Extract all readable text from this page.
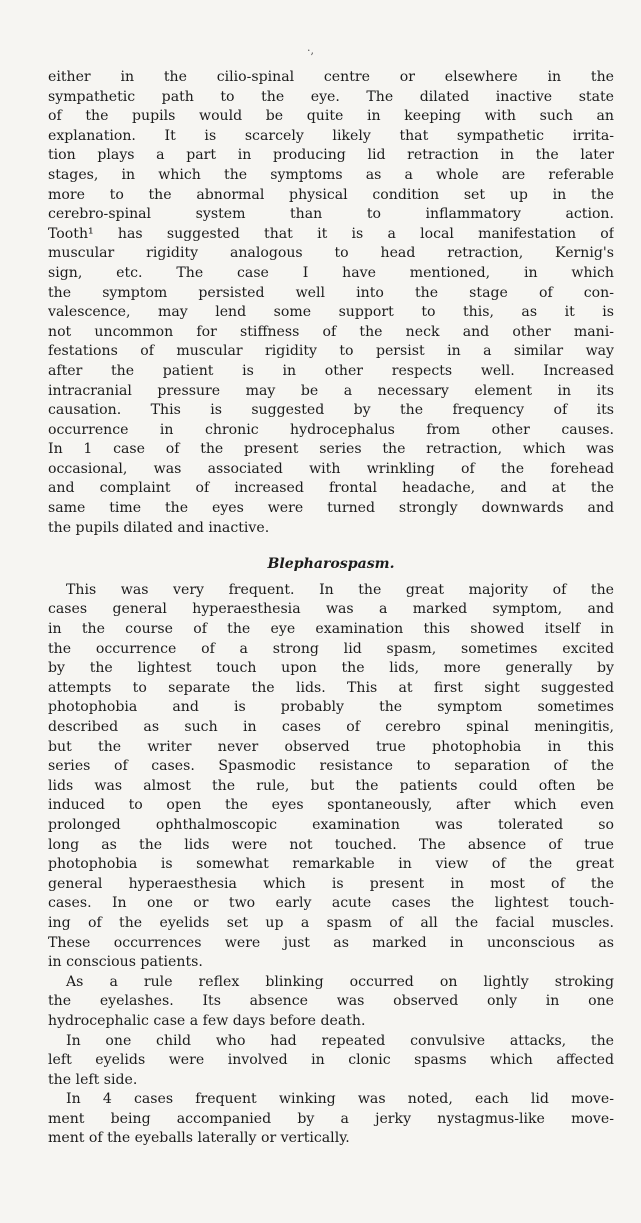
·,
either in the cilio-spinal centre or elsewhere in the
sympathetic path to the eye. The dilated inactive state
of the pupils would be quite in keeping with such an
explanation. It is scarcely likely that sympathetic irrita-
tion plays a part in producing lid retraction in the later
stages, in which the symptoms as a whole are referable
more to the abnormal physical condition set up in the
cerebro-spinal system than to inflammatory action.
Tooth¹ has suggested that it is a local manifestation of
muscular rigidity analogous to head retraction, Kernig's
sign, etc. The case I have mentioned, in which
the symptom persisted well into the stage of con-
valescence, may lend some support to this, as it is
not uncommon for stiffness of the neck and other mani-
festations of muscular rigidity to persist in a similar way
after the patient is in other respects well. Increased
intracranial pressure may be a necessary element in its
causation. This is suggested by the frequency of its
occurrence in chronic hydrocephalus from other causes.
In 1 case of the present series the retraction, which was
occasional, was associated with wrinkling of the forehead
and complaint of increased frontal headache, and at the
same time the eyes were turned strongly downwards and
the pupils dilated and inactive.
Blepharospasm.
This was very frequent. In the great majority of the
cases general hyperaesthesia was a marked symptom, and
in the course of the eye examination this showed itself in
the occurrence of a strong lid spasm, sometimes excited
by the lightest touch upon the lids, more generally by
attempts to separate the lids. This at first sight suggested
photophobia and is probably the symptom sometimes
described as such in cases of cerebro spinal meningitis,
but the writer never observed true photophobia in this
series of cases. Spasmodic resistance to separation of the
lids was almost the rule, but the patients could often be
induced to open the eyes spontaneously, after which even
prolonged ophthalmoscopic examination was tolerated so
long as the lids were not touched. The absence of true
photophobia is somewhat remarkable in view of the great
general hyperaesthesia which is present in most of the
cases. In one or two early acute cases the lightest touch-
ing of the eyelids set up a spasm of all the facial muscles.
These occurrences were just as marked in unconscious as
in conscious patients.
As a rule reflex blinking occurred on lightly stroking
the eyelashes. Its absence was observed only in one
hydrocephalic case a few days before death.
In one child who had repeated convulsive attacks, the
left eyelids were involved in clonic spasms which affected
the left side.
In 4 cases frequent winking was noted, each lid move-
ment being accompanied by a jerky nystagmus-like move-
ment of the eyeballs laterally or vertically.
